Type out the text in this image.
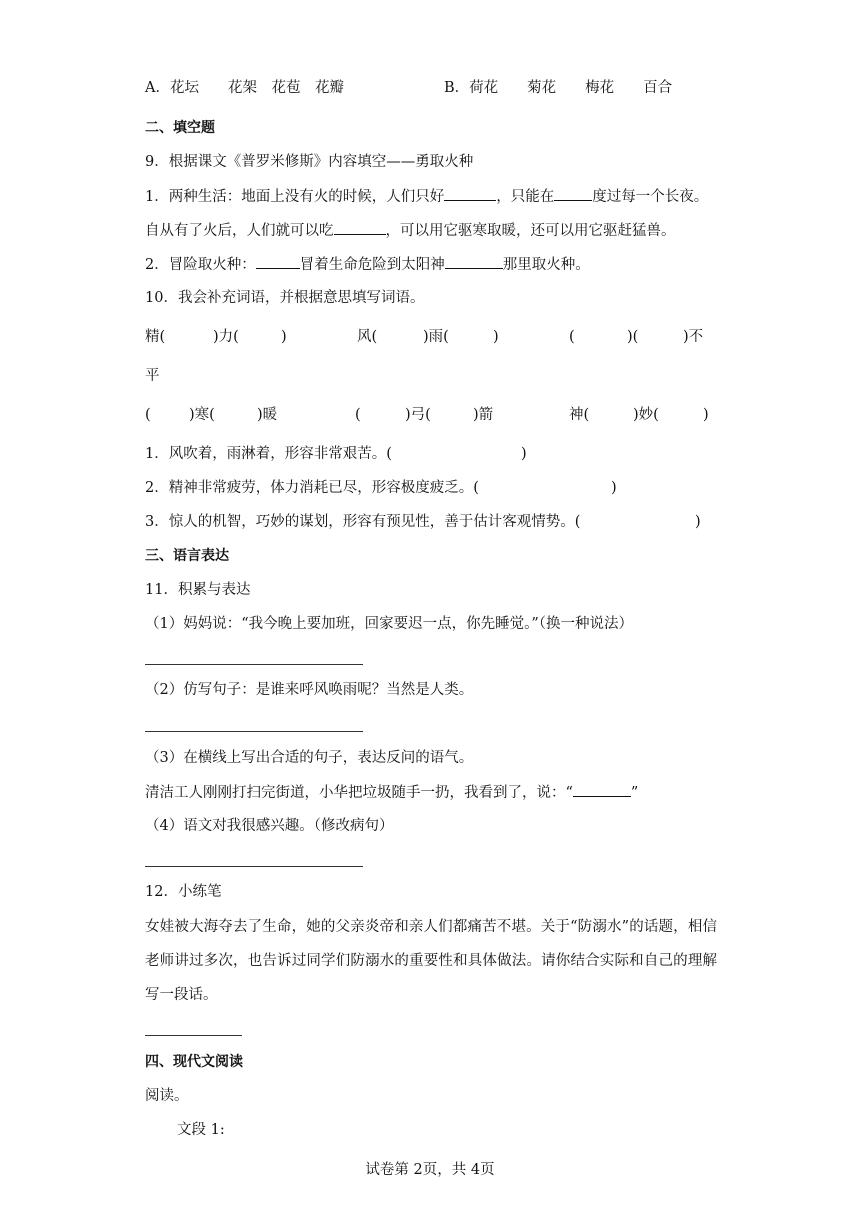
A．花坛　　花架　花苞　花瓣	B．荷花　　菊花　　梅花　　百合
二、填空题
9．根据课文《普罗米修斯》内容填空——勇取火种
1．两种生活：地面上没有火的时候，人们只好	，只能在	度过每一个长夜。
自从有了火后，人们就可以吃	，可以用它驱寒取暖，还可以用它驱赶猛兽。
2．冒险取火种：	冒着生命危险到太阳神	那里取火种。
10．我会补充词语，并根据意思填写词语。
精(	)力(	)	风(	)雨(	)	(	)(	)不
平
(	)寒(	)暖	(	)弓(	)箭	神(	)妙(	)
1．风吹着，雨淋着，形容非常艰苦。(	)
2．精神非常疲劳，体力消耗已尽，形容极度疲乏。(	)
3．惊人的机智，巧妙的谋划，形容有预见性，善于估计客观情势。(	)
三、语言表达
11．积累与表达
（1）妈妈说：“我今晚上要加班，回家要迟一点，你先睡觉。”（换一种说法）
（2）仿写句子：是谁来呼风唤雨呢？当然是人类。
（3）在横线上写出合适的句子，表达反问的语气。
清洁工人刚刚打扫完街道，小华把垃圾随手一扔，我看到了，说：“	”
（4）语文对我很感兴趣。（修改病句）
12．小练笔
女娃被大海夺去了生命，她的父亲炎帝和亲人们都痛苦不堪。关于“防溺水”的话题，相信老师讲过多次，也告诉过同学们防溺水的重要性和具体做法。请你结合实际和自己的理解写一段话。
四、现代文阅读
阅读。
文段 1:
试卷第 2页，共 4页
